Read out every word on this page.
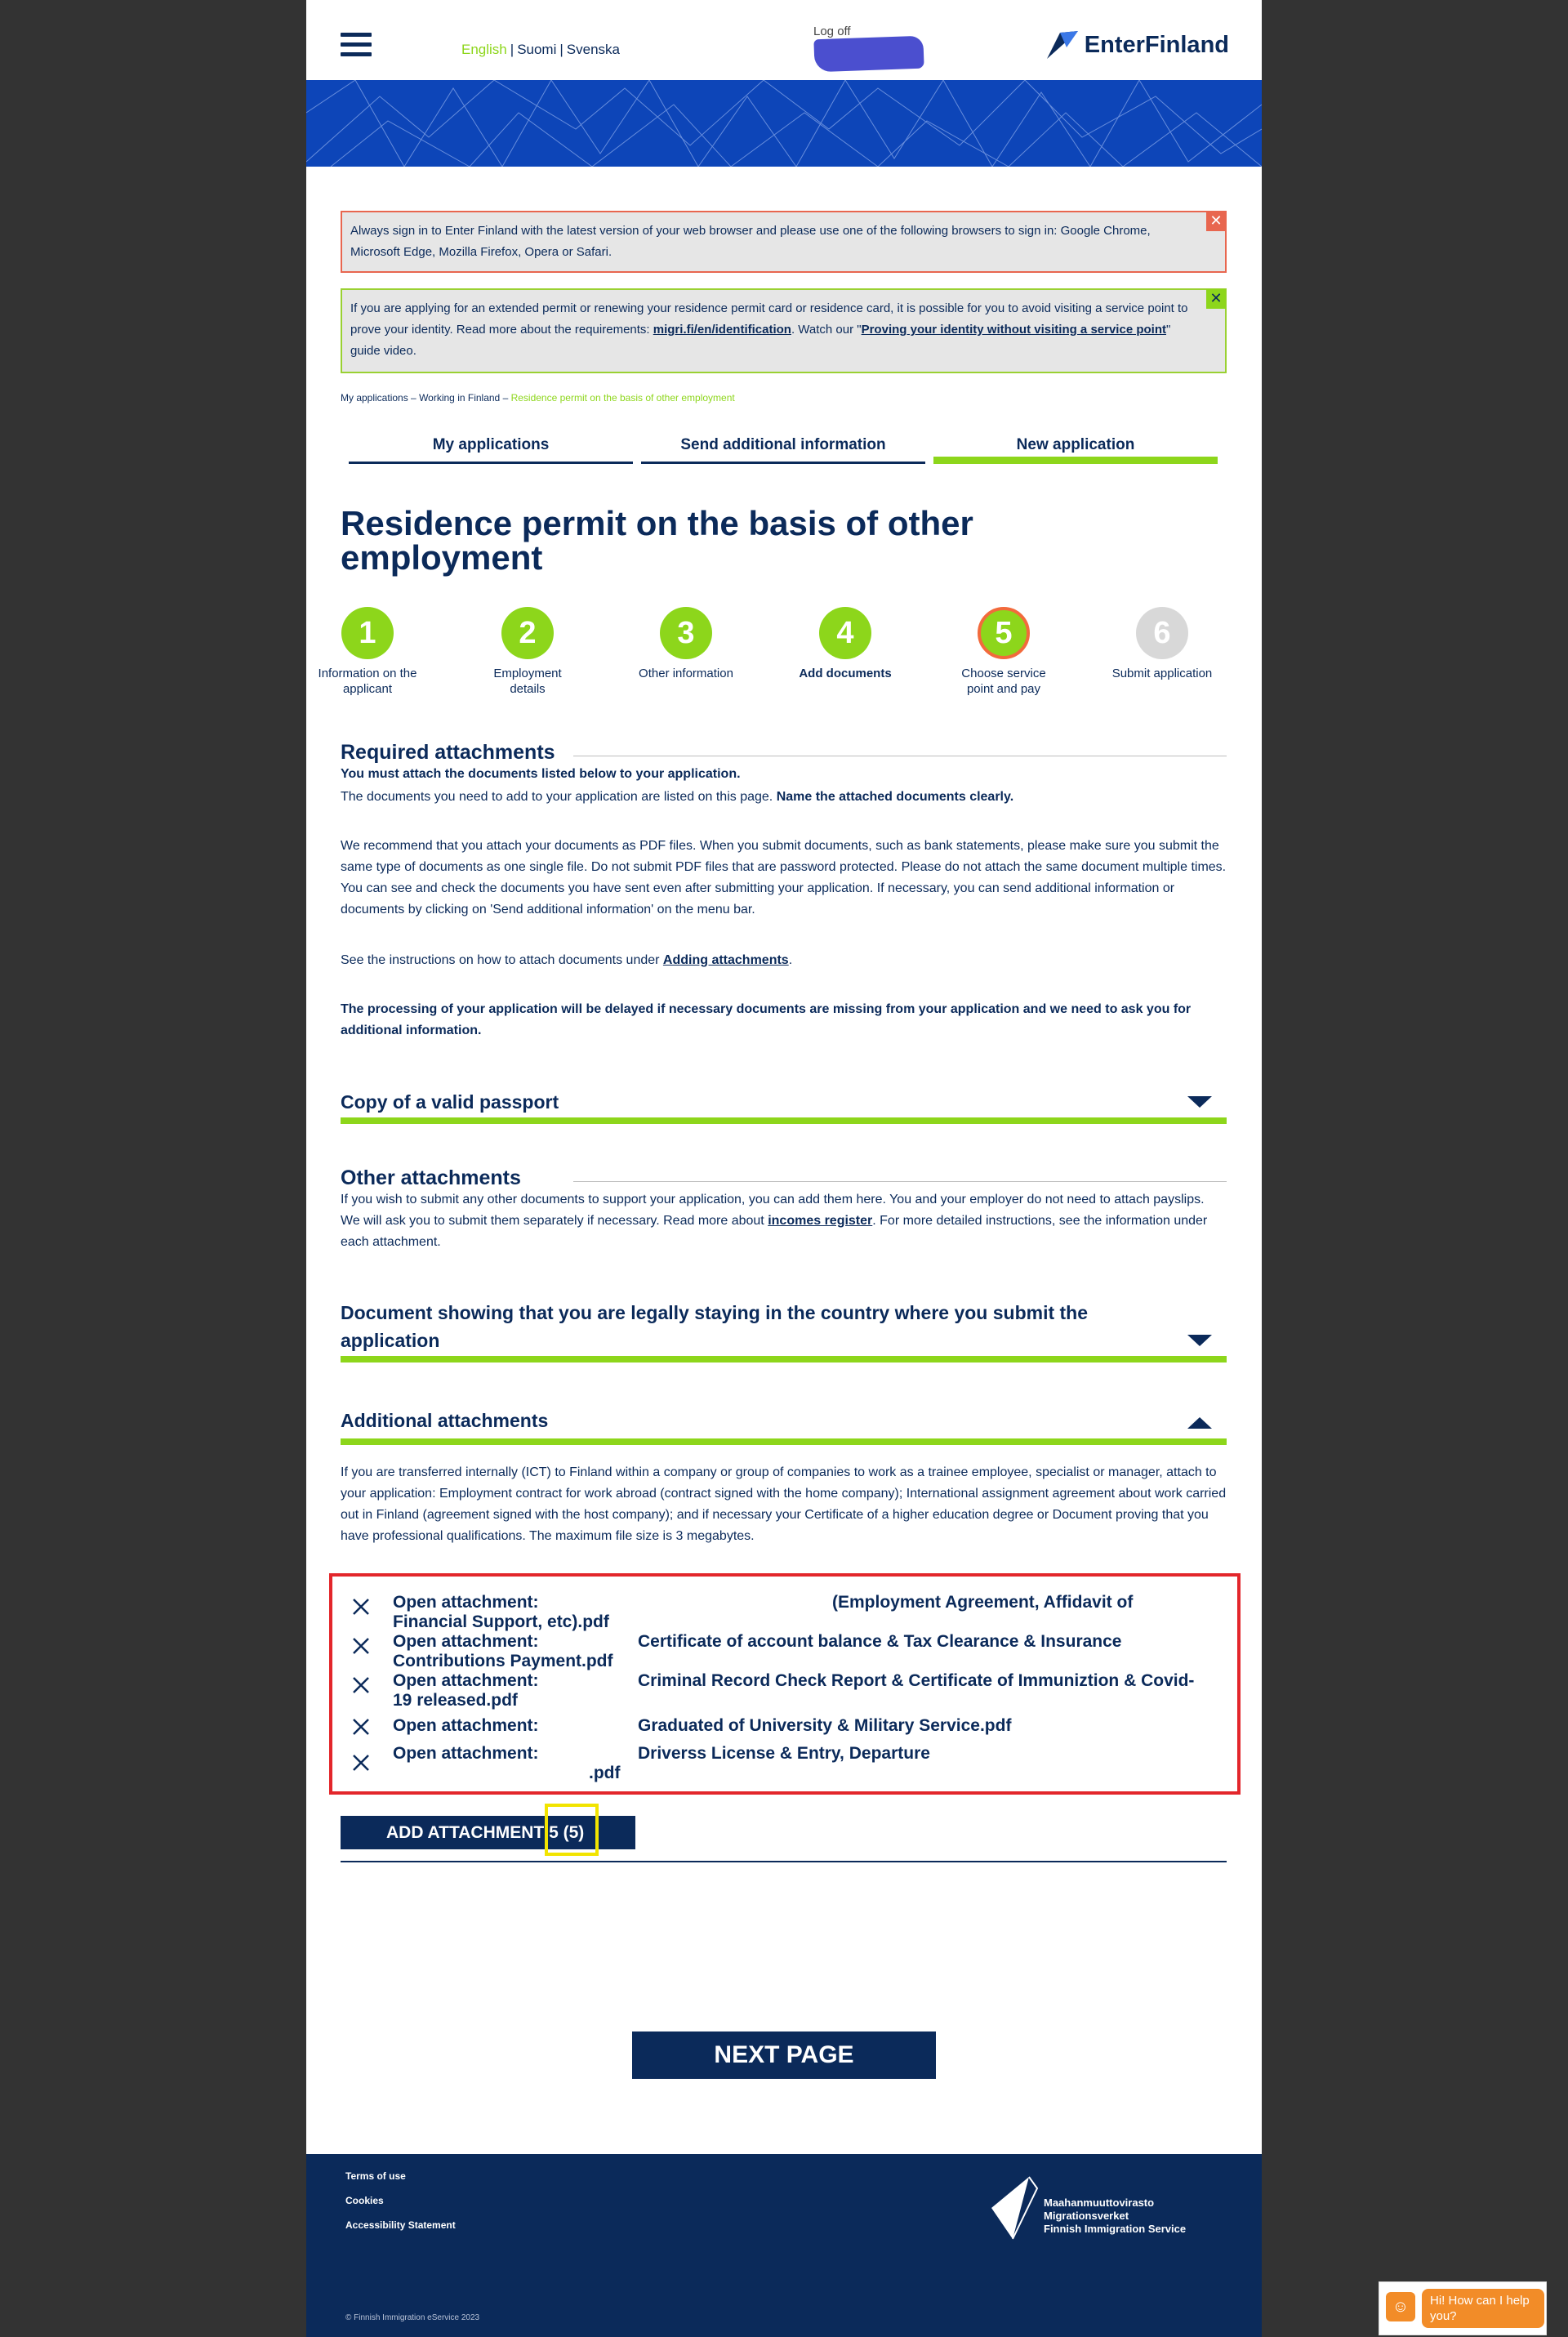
English | Suomi | Svenska
Log off	EnterFinland
Always sign in to Enter Finland with the latest version of your web browser and please use one of the following browsers to sign in: Google Chrome, Microsoft Edge, Mozilla Firefox, Opera or Safari.
✕
If you are applying for an extended permit or renewing your residence permit card or residence card, it is possible for you to avoid visiting a service point to prove your identity. Read more about the requirements: migri.fi/en/identification. Watch our "Proving your identity without visiting a service point" guide video.
✕
My applications – Working in Finland – Residence permit on the basis of other employment
My applications	Send additional information	New application
Residence permit on the basis of other employment
1
Information on the applicant
2
Employment details
3
Other information
4
Add documents
5
Choose service point and pay
6
Submit application
Required attachments
You must attach the documents listed below to your application.
The documents you need to add to your application are listed on this page. Name the attached documents clearly.
We recommend that you attach your documents as PDF files. When you submit documents, such as bank statements, please make sure you submit the same type of documents as one single file. Do not submit PDF files that are password protected. Please do not attach the same document multiple times. You can see and check the documents you have sent even after submitting your application. If necessary, you can send additional information or documents by clicking on 'Send additional information' on the menu bar.
See the instructions on how to attach documents under Adding attachments.
The processing of your application will be delayed if necessary documents are missing from your application and we need to ask you for additional information.
Copy of a valid passport
Other attachments
If you wish to submit any other documents to support your application, you can add them here. You and your employer do not need to attach payslips. We will ask you to submit them separately if necessary. Read more about incomes register. For more detailed instructions, see the information under each attachment.
Document showing that you are legally staying in the country where you submit the application
Additional attachments
If you are transferred internally (ICT) to Finland within a company or group of companies to work as a trainee employee, specialist or manager, attach to your application: Employment contract for work abroad (contract signed with the home company); International assignment agreement about work carried out in Finland (agreement signed with the host company); and if necessary your Certificate of a higher education degree or Document proving that you have professional qualifications. The maximum file size is 3 megabytes.
Open attachment:	(Employment Agreement, Affidavit of
Financial Support, etc).pdf
Open attachment:	Certificate of account balance & Tax Clearance & Insurance
Contributions Payment.pdf
Open attachment:	Criminal Record Check Report & Certificate of Immuniztion & Covid-
19 released.pdf
Open attachment:	Graduated of University & Military Service.pdf
Open attachment:	Driverss License & Entry, Departure
.pdf
ADD ATTACHMENT 5 (5)
NEXT PAGE
Terms of use
Cookies
Accessibility Statement
Maahanmuuttovirasto
Migrationsverket
Finnish Immigration Service
© Finnish Immigration eService 2023
☺	Hi! How can I help you?
